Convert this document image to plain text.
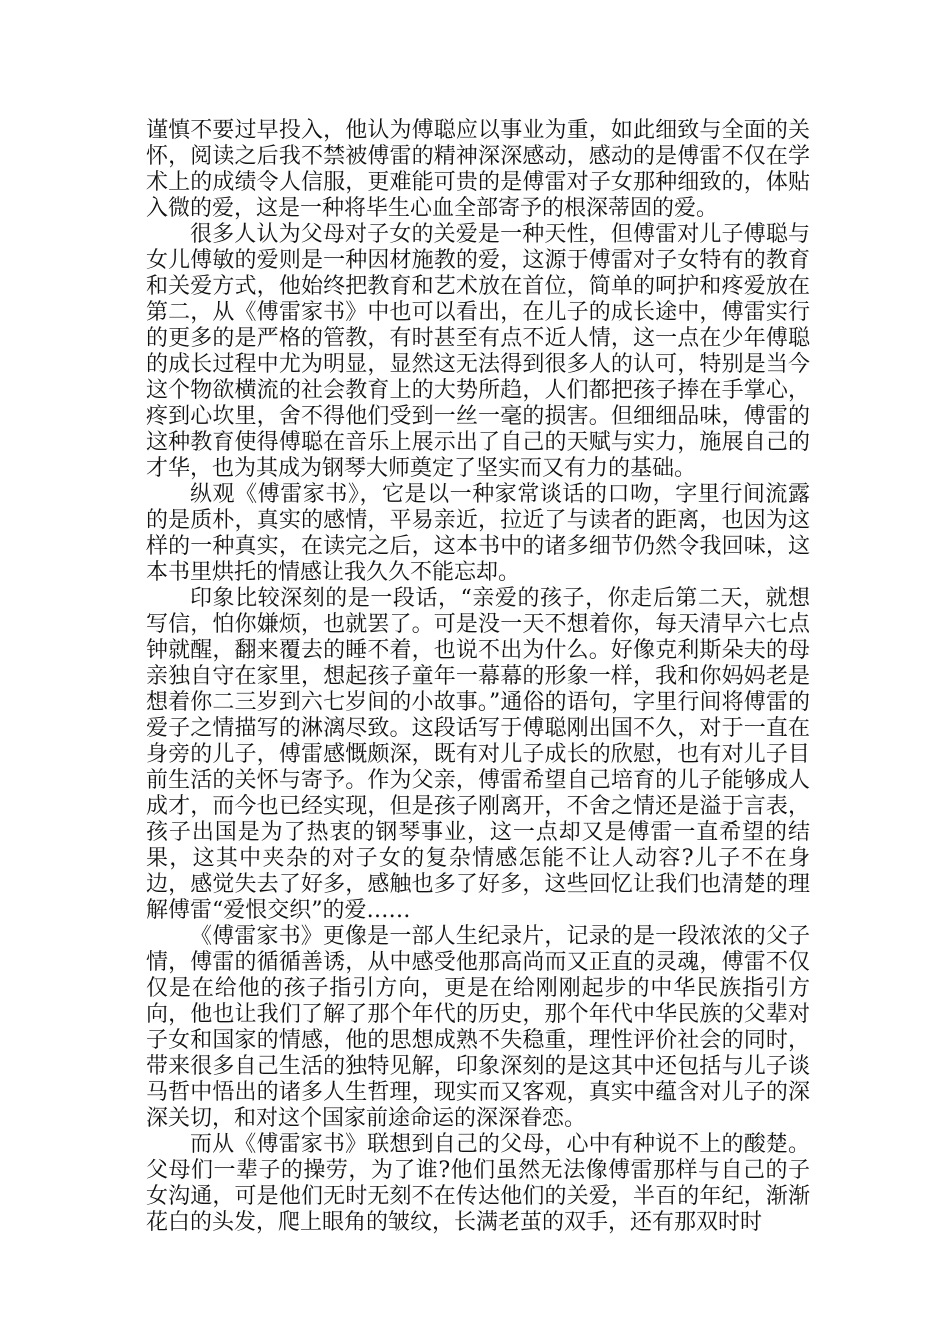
谨慎不要过早投入，他认为傅聪应以事业为重，如此细致与全面的关怀，阅读之后我不禁被傅雷的精神深深感动，感动的是傅雷不仅在学术上的成绩令人信服，更难能可贵的是傅雷对子女那种细致的，体贴入微的爱，这是一种将毕生心血全部寄予的根深蒂固的爱。

很多人认为父母对子女的关爱是一种天性，但傅雷对儿子傅聪与女儿傅敏的爱则是一种因材施教的爱，这源于傅雷对子女特有的教育和关爱方式，他始终把教育和艺术放在首位，简单的呵护和疼爱放在第二，从《傅雷家书》中也可以看出，在儿子的成长途中，傅雷实行的更多的是严格的管教，有时甚至有点不近人情，这一点在少年傅聪的成长过程中尤为明显，显然这无法得到很多人的认可，特别是当今这个物欲横流的社会教育上的大势所趋，人们都把孩子捧在手掌心，疼到心坎里，舍不得他们受到一丝一毫的损害。但细细品味，傅雷的这种教育使得傅聪在音乐上展示出了自己的天赋与实力，施展自己的才华，也为其成为钢琴大师奠定了坚实而又有力的基础。

纵观《傅雷家书》，它是以一种家常谈话的口吻，字里行间流露的是质朴，真实的感情，平易亲近，拉近了与读者的距离，也因为这样的一种真实，在读完之后，这本书中的诸多细节仍然令我回味，这本书里烘托的情感让我久久不能忘却。

印象比较深刻的是一段话，“亲爱的孩子，你走后第二天，就想写信，怕你嫌烦，也就罢了。可是没一天不想着你，每天清早六七点钟就醒，翻来覆去的睡不着，也说不出为什么。好像克利斯朵夫的母亲独自守在家里，想起孩子童年一幕幕的形象一样，我和你妈妈老是想着你二三岁到六七岁间的小故事。”通俗的语句，字里行间将傅雷的爱子之情描写的淋漓尽致。这段话写于傅聪刚出国不久，对于一直在身旁的儿子，傅雷感慨颇深，既有对儿子成长的欣慰，也有对儿子目前生活的关怀与寄予。作为父亲，傅雷希望自己培育的儿子能够成人成才，而今也已经实现，但是孩子刚离开，不舍之情还是溢于言表，孩子出国是为了热衷的钢琴事业，这一点却又是傅雷一直希望的结果，这其中夹杂的对子女的复杂情感怎能不让人动容?儿子不在身边，感觉失去了好多，感触也多了好多，这些回忆让我们也清楚的理解傅雷“爱恨交织”的爱……

《傅雷家书》更像是一部人生纪录片，记录的是一段浓浓的父子情，傅雷的循循善诱，从中感受他那高尚而又正直的灵魂，傅雷不仅仅是在给他的孩子指引方向，更是在给刚刚起步的中华民族指引方向，他也让我们了解了那个年代的历史，那个年代中华民族的父辈对子女和国家的情感，他的思想成熟不失稳重，理性评价社会的同时，带来很多自己生活的独特见解，印象深刻的是这其中还包括与儿子谈马哲中悟出的诸多人生哲理，现实而又客观，真实中蕴含对儿子的深深关切，和对这个国家前途命运的深深眷恋。

而从《傅雷家书》联想到自己的父母，心中有种说不上的酸楚。父母们一辈子的操劳，为了谁?他们虽然无法像傅雷那样与自己的子女沟通，可是他们无时无刻不在传达他们的关爱，半百的年纪，渐渐花白的头发，爬上眼角的皱纹，长满老茧的双手，还有那双时时
